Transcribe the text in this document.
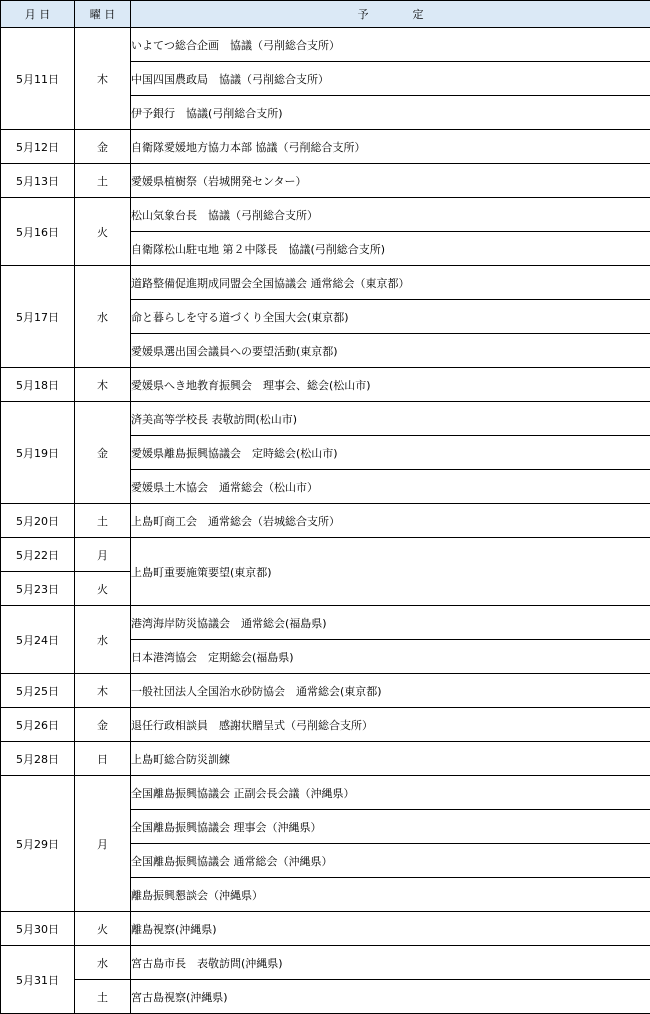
月 日	曜 日	予　　　　定
5月11日	木	いよてつ総合企画　協議（弓削総合支所）
		中国四国農政局　協議（弓削総合支所）
		伊予銀行　協議(弓削総合支所)
5月12日	金	自衛隊愛媛地方協力本部 協議（弓削総合支所）
5月13日	土	愛媛県植樹祭（岩城開発センター）
5月16日	火	松山気象台長　協議（弓削総合支所）
		自衛隊松山駐屯地 第２中隊長　協議(弓削総合支所)
5月17日	水	道路整備促進期成同盟会全国協議会 通常総会（東京都）
		命と暮らしを守る道づくり全国大会(東京都)
		愛媛県選出国会議員への要望活動(東京都)
5月18日	木	愛媛県へき地教育振興会　理事会、総会(松山市)
5月19日	金	済美高等学校長 表敬訪問(松山市)
		愛媛県離島振興協議会　定時総会(松山市)
		愛媛県土木協会　通常総会（松山市）
5月20日	土	上島町商工会　通常総会（岩城総合支所）
5月22日	月	上島町重要施策要望(東京都)
5月23日	火	
5月24日	水	港湾海岸防災協議会　通常総会(福島県)
		日本港湾協会　定期総会(福島県)
5月25日	木	一般社団法人全国治水砂防協会　通常総会(東京都)
5月26日	金	退任行政相談員　感謝状贈呈式（弓削総合支所）
5月28日	日	上島町総合防災訓練
5月29日	月	全国離島振興協議会 正副会長会議（沖縄県）
		全国離島振興協議会 理事会（沖縄県）
		全国離島振興協議会 通常総会（沖縄県）
		離島振興懇談会（沖縄県）
5月30日	火	離島視察(沖縄県)
5月31日	水	宮古島市長　表敬訪問(沖縄県)
	土	宮古島視察(沖縄県)
